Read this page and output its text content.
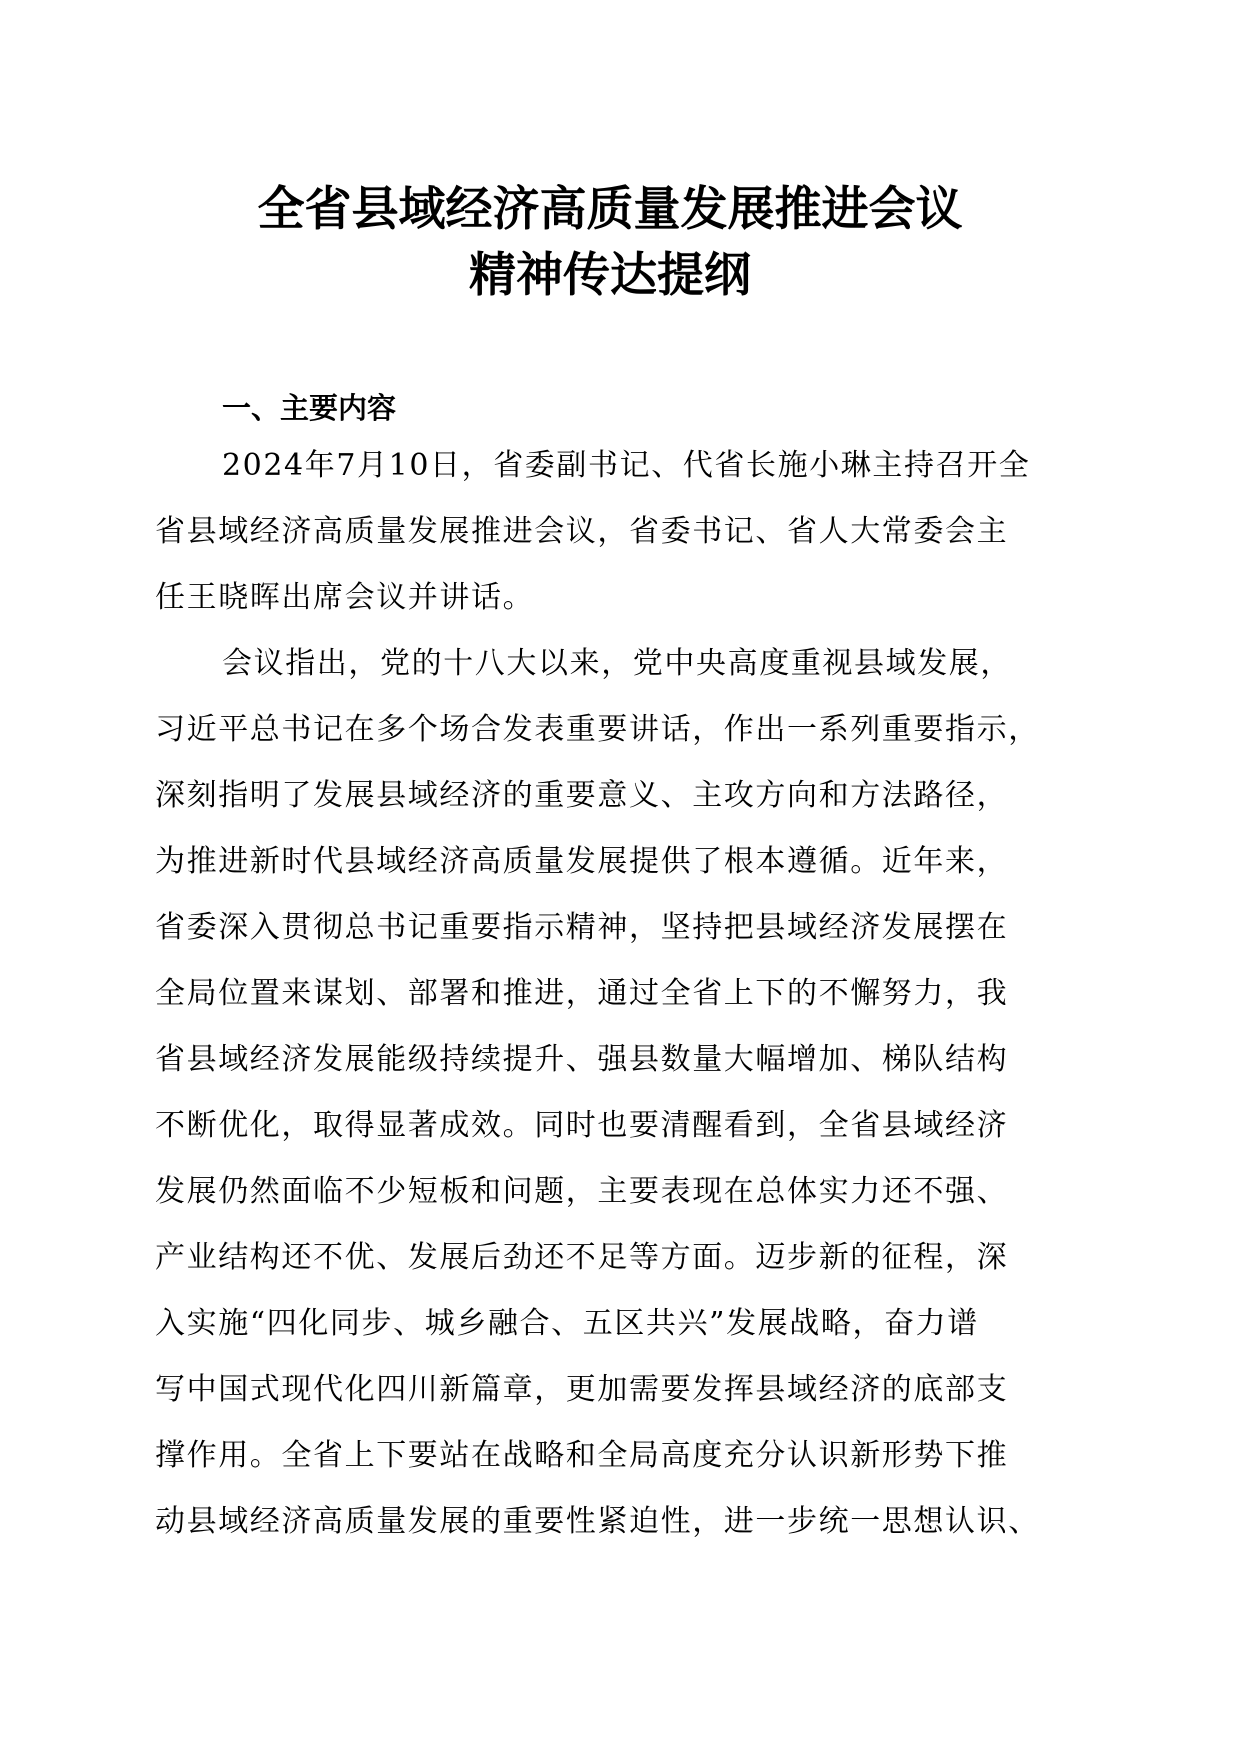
全省县域经济高质量发展推进会议
精神传达提纲
一、主要内容
2024年7月10日，省委副书记、代省长施小琳主持召开全
省县域经济高质量发展推进会议，省委书记、省人大常委会主
任王晓晖出席会议并讲话。
会议指出，党的十八大以来，党中央高度重视县域发展，
习近平总书记在多个场合发表重要讲话，作出一系列重要指示，
深刻指明了发展县域经济的重要意义、主攻方向和方法路径，
为推进新时代县域经济高质量发展提供了根本遵循。近年来，
省委深入贯彻总书记重要指示精神，坚持把县域经济发展摆在
全局位置来谋划、部署和推进，通过全省上下的不懈努力，我
省县域经济发展能级持续提升、强县数量大幅增加、梯队结构
不断优化，取得显著成效。同时也要清醒看到，全省县域经济
发展仍然面临不少短板和问题，主要表现在总体实力还不强、
产业结构还不优、发展后劲还不足等方面。迈步新的征程，深
入实施“四化同步、城乡融合、五区共兴”发展战略，奋力谱
写中国式现代化四川新篇章，更加需要发挥县域经济的底部支
撑作用。全省上下要站在战略和全局高度充分认识新形势下推
动县域经济高质量发展的重要性紧迫性，进一步统一思想认识、
